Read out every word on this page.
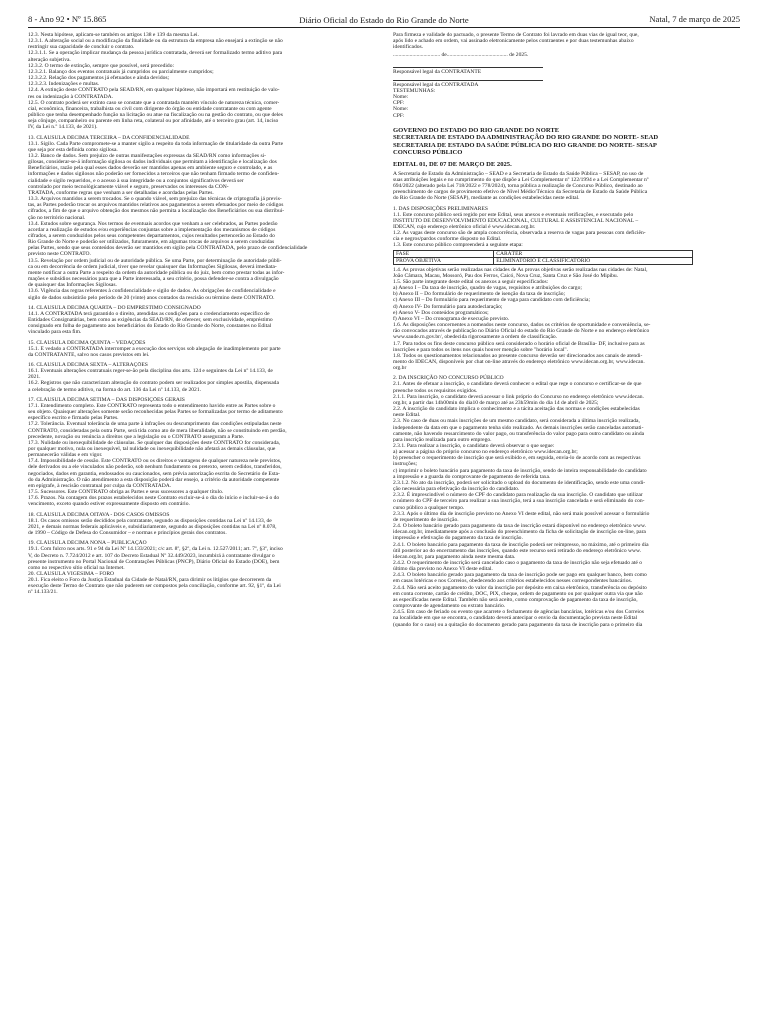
8 - Ano 92 • Nº 15.865	Diário Oficial do Estado do Rio Grande do Norte	Natal, 7 de março de 2025
12.3. Nesta hipótese, aplicam-se também os artigos 138 e 139 da mesma Lei.
12.3.1. A alteração social ou a modificação da finalidade ou da estrutura da empresa não ensejará a extinção se não
restringir sua capacidade de concluir o contrato.
12.3.1.1. Se a operação implicar mudança da pessoa jurídica contratada, deverá ser formalizado termo aditivo para
alteração subjetiva.
12.3.2. O termo de extinção, sempre que possível, será precedido:
12.3.2.1. Balanço dos eventos contratuais já cumpridos ou parcialmente cumpridos;
12.3.2.2. Relação dos pagamentos já efetuados e ainda devidos;
12.3.2.3. Indenizações e multas.
12.4. A extinção deste CONTRATO pela SEAD/RN, em qualquer hipótese, não importará em restituição de valo-
res ou indenização à CONTRATADA.
12.5. O contrato poderá ser extinto caso se constate que a contratada mantém vínculo de natureza técnica, comer-
cial, econômica, financeira, trabalhista ou civil com dirigente do órgão ou entidade contratante ou com agente
público que tenha desempenhado função na licitação ou atue na fiscalização ou na gestão do contrato, ou que deles
seja cônjuge, companheiro ou parente em linha reta, colateral ou por afinidade, até o terceiro grau (art. 14, inciso
IV, da Lei n.º 14.133, de 2021).
13. CLÁUSULA DÉCIMA TERCEIRA – DA CONFIDENCIALIDADE
13.1. Sigilo. Cada Parte compromete-se a manter sigilo a respeito da toda informação de titularidade da outra Parte
que seja por esta definida como sigilosa.
13.2. Banco de dados. Sem prejuízo de outras manifestações expressas da SEAD/RN como informações si-
gilosas, considerar-se-á informação sigilosa os dados individuais que permitam a identificação e localização dos
Beneficiários, razão pela qual esses dados deverão ser mantidos apenas em ambiente seguro e controlado, e as
informações e dados sigilosos não poderão ser fornecidos a terceiros que não tenham firmado termo de confiden-
cialidade e sigilo requeridos, e o acesso à sua integridade ou a conjuntos significativos deverá ser
controlado por meio tecnológicamente viável e seguro, preservados os interesses da CON-
TRATADA, conforme regras que venham a ser detalhadas e acordadas pelas Partes.
13.3. Arquivos mantidos a serem trocados. Se o quando viável, sem prejuízo das técnicas de criptografia já previs-
tas, as Partes poderão trocar os arquivos mantidos relativos aos pagamentos a serem efetuados por meio de códigos
cifrados, a fim de que o arquivo obtenção dos mesmos não permita a localização dos Beneficiários ou sua distribui-
ção no território nacional.
13.4. Estudos sobre segurança. Nos termos de eventuais acordos que venham a ser celebrados, as Partes poderão
acordar a realização de estudos e/ou experiências conjuntas sobre a implementação dos mecanismos de códigos
cifrados, a serem conduzidos pelos seus competentes departamentos, cujos resultados pertencerão ao Estado do
Rio Grande do Norte e poderão ser utilizados, futuramente, em algumas trocas de arquivos a serem conduzidas
pelas Partes, sendo que seus conteúdos deverão ser mantidos em sigilo pela CONTRATADA, pelo prazo de confidencialidade
previsto neste CONTRATO.
13.5. Revelação por ordem judicial ou de autoridade pública. Se uma Parte, por determinação de autoridade públi-
ca ou em decorrência de ordem judicial, tiver que revelar quaisquer das Informações Sigilosas, deverá imediata-
mente notificar a outra Parte a respeito da ordem da autoridade pública ou do juiz, bem como prestar todas as infor-
mações e subsídios necessários para que a Parte interessada, a seu critério, possa defender-se contra a divulgação
de quaisquer das Informações Sigilosas.
13.6. Vigência das regras referentes à confidencialidade e sigilo de dados. As obrigações de confidencialidade e
sigilo de dados subsistirão pelo período de 20 (vinte) anos contados da rescisão ou término deste CONTRATO.
14. CLÁUSULA DÉCIMA QUARTA – DO EMPRÉSTIMO CONSIGNADO
14.1. A CONTRATADA terá garantido o direito, atendidas as condições para o credenciamento específico de
Entidades Consignatárias, bem como as exigências da SEAD/RN, de oferecer, sem exclusividade, empréstimo
consignado em folha de pagamento aos beneficiários do Estado do Rio Grande do Norte, constantes no Edital
vinculado para esta fim.
15. CLÁUSULA DÉCIMA QUINTA – VEDAÇÕES
15.1. É vedado a CONTRATADA interromper a execução dos serviços sob alegação de inadimplemento por parte
da CONTRATANTE, salvo nos casos previstos em lei.
16. CLÁUSULA DÉCIMA SEXTA – ALTERAÇÕES
16.1. Eventuais alterações contratuais reger-se-ão pela disciplina dos arts. 124 e seguintes da Lei nº 14.133, de
2021.
16.2. Registros que não caracterizam alteração do contrato podem ser realizados por simples apostila, dispensada
a celebração de termo aditivo, na forma do art. 136 da Lei nº 14.133, de 2021.
17. CLÁUSULA DÉCIMA SÉTIMA – DAS DISPOSIÇÕES GERAIS
17.1. Entendimento completo. Este CONTRATO representa todo o entendimento havido entre as Partes sobre o
seu objeto. Quaisquer alterações somente serão reconhecidas pelas Partes se formalizadas por termo de aditamento
específico escrito e firmado pelas Partes.
17.2. Tolerância. Eventual tolerância de uma parte à infrações ou descumprimento das condições estipuladas neste
CONTRATO, consideradas pela outra Parte, será tida como ato de mera liberalidade, não se constituindo em perdão,
precedente, novação ou renúncia a direitos que a legislação ou o CONTRATO asseguram a Parte.
17.3. Nulidade ou inexequibilidade de cláusulas. Se qualquer das disposições deste CONTRATO for considerada,
por qualquer motivo, nula ou inexequível, tal nulidade ou inexequibilidade não afetará as demais cláusulas, que
permanecerão válidas e em vigor.
17.4. Impossibilidade de cessão. Este CONTRATO ou os direitos e vantagens de qualquer natureza nele previstos,
dele derivados ou a ele vinculados não poderão, sob nenhum fundamento ou pretexto, serem cedidos, transferidos,
negociados, dados em garantia, endossados ou caucionados, sem prévia autorização escrita do Secretário de Esta-
do da Administração. O não atendimento a esta disposição poderá dar ensejo, a critério da autoridade competente
em epígrafe, à rescisão contratual por culpa da CONTRATADA.
17.5. Sucessores. Este CONTRATO obriga as Partes e seus sucessores a qualquer título.
17.6. Prazos. Na contagem dos prazos estabelecidos neste Contrato excluir-se-á o dia do início e incluir-se-á o do
vencimento, exceto quando estiver expressamente disposto em contrário.
18. CLÁUSULA DÉCIMA OITAVA - DOS CASOS OMISSOS
18.1. Os casos omissos serão decididos pela contratante, segundo as disposições contidas na Lei nº 14.133, de
2021, e demais normas federais aplicáveis e, subsidiariamente, segundo as disposições contidas na Lei nº 8.078,
de 1990 – Código de Defesa do Consumidor – e normas e princípios gerais dos contratos.
19. CLÁUSULA DÉCIMA NONA – PUBLICAÇÃO
19.1. Com fulcro nos arts. 91 e 94 da Lei Nº 14.133/2021; c/c art. 8º, §2º, da Lei n. 12.527/2011; art. 7º, §3º, inciso
V, do Decreto n. 7.724/2012 e art. 107 do Decreto Estadual Nº 32.449/2023, incumbirá à contratante divulgar o
presente instrumento no Portal Nacional de Contratações Públicas (PNCP), Diário Oficial do Estado (DOE), bem
como no respectivo sítio oficial na Internet.
20. CLÁUSULA VIGÉSIMA – FORO
20.1. Fica eleito o Foro da Justiça Estadual da Cidade de Natal/RN, para dirimir os litígios que decorrerem da
execução deste Termo de Contrato que não puderem ser compostos pela conciliação, conforme art. 92, §1º, da Lei
nº 14.133/21.
Para firmeza e validade do pactuado, o presente Termo de Contrato foi lavrado em duas vias de igual teor, que,
após lido e achado em ordem, vai assinado eletronicamente pelos contraentes e por duas testemunhas abaixo
identificados.
.................................. de............................................ de 2025.
Responsável legal da CONTRATANTE
Responsável legal da CONTRATADA
TESTEMUNHAS:
Nome:
CPF:
Nome:
CPF:
GOVERNO DO ESTADO DO RIO GRANDE DO NORTE
SECRETARIA DE ESTADO DA ADMINISTRAÇÃO DO RIO GRANDE DO NORTE- SEAD
SECRETARIA DE ESTADO DA SAÚDE PÚBLICA DO RIO GRANDE DO NORTE- SESAP
CONCURSO PÚBLICO
EDITAL 01, DE 07 DE MARÇO DE 2025.
A Secretaria de Estado da Administração – SEAD e a Secretaria de Estado da Saúde Pública – SESAP, no uso de
suas atribuições legais e no cumprimento do que dispõe a Lei Complementar nº 122/1994 e a Lei Complementar nº
694/2022 (alterado pela Lei 718/2022 e 778/2024), torna pública a realização de Concurso Público, destinado ao
preenchimento de cargos de provimento efetivo de Nível Médio/Técnico da Secretaria de Estado da Saúde Pública
do Rio Grande do Norte (SESAP), mediante as condições estabelecidas neste edital.
1. DAS DISPOSIÇÕES PRELIMINARES
1.1. Este concurso público será regido por este Edital, seus anexos e eventuais retificações, e executado pelo
INSTITUTO DE DESENVOLVIMENTO EDUCACIONAL, CULTURAL E ASSISTENCIAL NACIONAL –
IDECAN, cujo endereço eletrônico oficial é www.idecan.org.br.
1.2. As vagas deste concurso são de ampla concorrência, observada a reserva de vagas para pessoas com deficiên-
cia e negros/pardos conforme disposto no Edital.
1.3. Este concurso público compreenderá a seguinte etapa:
FASE	CARÁTER
PROVA OBJETIVA	ELIMINATÓRIO E CLASSIFICATÓRIO
1.4. As provas objetivas serão realizadas nas cidades de As provas objetivas serão realizadas nas cidades de: Natal,
João Câmara, Macau, Mossoró, Pau dos Ferros, Caicó, Nova Cruz, Santa Cruz e São José do Mipibu.
1.5. São parte integrante deste edital os anexos a seguir especificados:
a) Anexo I – Da taxa de inscrição, quadro de vagas, requisitos e atribuições do cargo;
b) Anexo II – Do formulário de requerimento de isenção da taxa de inscrição;
c) Anexo III – Do formulário para requerimento de vaga para candidato com deficiência;
d) Anexo IV- Do formulário para autodeclaração;
e) Anexo V- Dos conteúdos programáticos;
f) Anexo VI – Do cronograma de execução previsto.
1.6. As disposições concernentes a nomeados neste concurso, dados os critérios de oportunidade e conveniência, se-
rão convocados através de publicação no Diário Oficial do estado do Rio Grande do Norte e no endereço eletrônico
www.saude.rn.gov.br/, obedecida rigorosamente a ordem de classificação.
1.7. Para todos os fins deste concurso público será considerado o horário oficial de Brasília- DF, inclusive para as
inscrições e para todos os itens nos quais houver menção sobre "horário local".
1.8. Todos os questionamentos relacionados ao presente concurso deverão ser direcionados aos canais de atendi-
mento do IDECAN, disponíveis por chat on-line através do endereço eletrônico www.idecan.org.br, www.idecan.
org.br
2. DA INSCRIÇÃO NO CONCURSO PÚBLICO
2.1. Antes de efetuar a inscrição, o candidato deverá conhecer o edital que rege o concurso e certificar-se de que
preenche todos os requisitos exigidos.
2.1.1. Para inscrição, o candidato deverá acessar o link próprio do Concurso no endereço eletrônico www.idecan.
org.br, a partir das 14h00min do dia10 de março até as 23h59min do dia 14 de abril de 2025;
2.2. A inscrição do candidato implica o conhecimento e a tácita aceitação das normas e condições estabelecidas
neste Edital.
2.3. No caso de duas ou mais inscrições de um mesmo candidato, será considerada a última inscrição realizada,
independente da data em que o pagamento tenha sido realizado. As demais inscrições serão canceladas automati-
camente, não havendo ressarcimento do valor pago, ou transferência do valor pago para outro candidato ou ainda
para inscrição realizada para outro emprego.
2.3.1. Para realizar a inscrição, o candidato deverá observar o que segue:
a) acessar a página do próprio concurso no endereço eletrônico www.idecan.org.br;
b) preencher o requerimento de inscrição que será exibido e, em seguida, envia-lo de acordo com as respectivas
instruções;
c) imprimir o boleto bancário para pagamento da taxa de inscrição, sendo de inteira responsabilidade do candidato
a impressão e a guarda do comprovante de pagamento de referida taxa.
2.3.1.2. No ato da inscrição, poderá ser solicitado o upload do documento de identificação, sendo este uma condi-
ção necessária para efetivação da inscrição do candidato.
2.3.2. É imprescindível o número de CPF do candidato para realização da sua inscrição. O candidato que utilizar
o número do CPF de terceiro para realizar a sua inscrição, terá a sua inscrição cancelada e será eliminado do con-
curso público a qualquer tempo.
2.3.3. Após o último dia de inscrição previsto no Anexo VI deste edital, não será mais possível acessar o formulário
de requerimento de inscrição.
2.4. O boleto bancário gerado para pagamento da taxa de inscrição estará disponível no endereço eletrônico www.
idecan.org.br, imediatamente após a conclusão do preenchimento da ficha de solicitação de inscrição on-line, para
impressão e efetivação do pagamento da taxa de inscrição.
2.4.1. O boleto bancário para pagamento da taxa de inscrição poderá ser reimpresso, no máximo, até o primeiro dia
útil posterior ao do encerramento das inscrições, quando este recurso será retirado do endereço eletrônico www.
idecan.org.br, para pagamento ainda neste mesma data.
2.4.2. O requerimento de inscrição será cancelado caso o pagamento da taxa de inscrição não seja efetuado até o
último dia previsto no Anexo VI deste edital.
2.4.3. O boleto bancário gerado para pagamento da taxa de inscrição pode ser pago em qualquer banco, bem como
em casas lotéricas e nos Correios, obedecendo aos critérios estabelecidos nesses correspondentes bancários.
2.4.4. Não será aceito pagamento do valor da inscrição por depósito em caixa eletrônico, transferência ou depósito
em conta corrente, cartão de crédito, DOC, PIX, cheque, ordem de pagamento ou por qualquer outra via que não
as especificadas neste Edital. Também não será aceito, como comprovação de pagamento da taxa de inscrição,
comprovante de agendamento ou extrato bancário.
2.4.5. Em caso de feriado ou evento que acarrete o fechamento de agências bancárias, lotéricas e/ou dos Correios
na localidade em que se encontra, o candidato deverá antecipar o envio da documentação prevista neste Edital
(quando for o caso) ou a quitação do documento gerado para pagamento da taxa de inscrição para o primeiro dia
